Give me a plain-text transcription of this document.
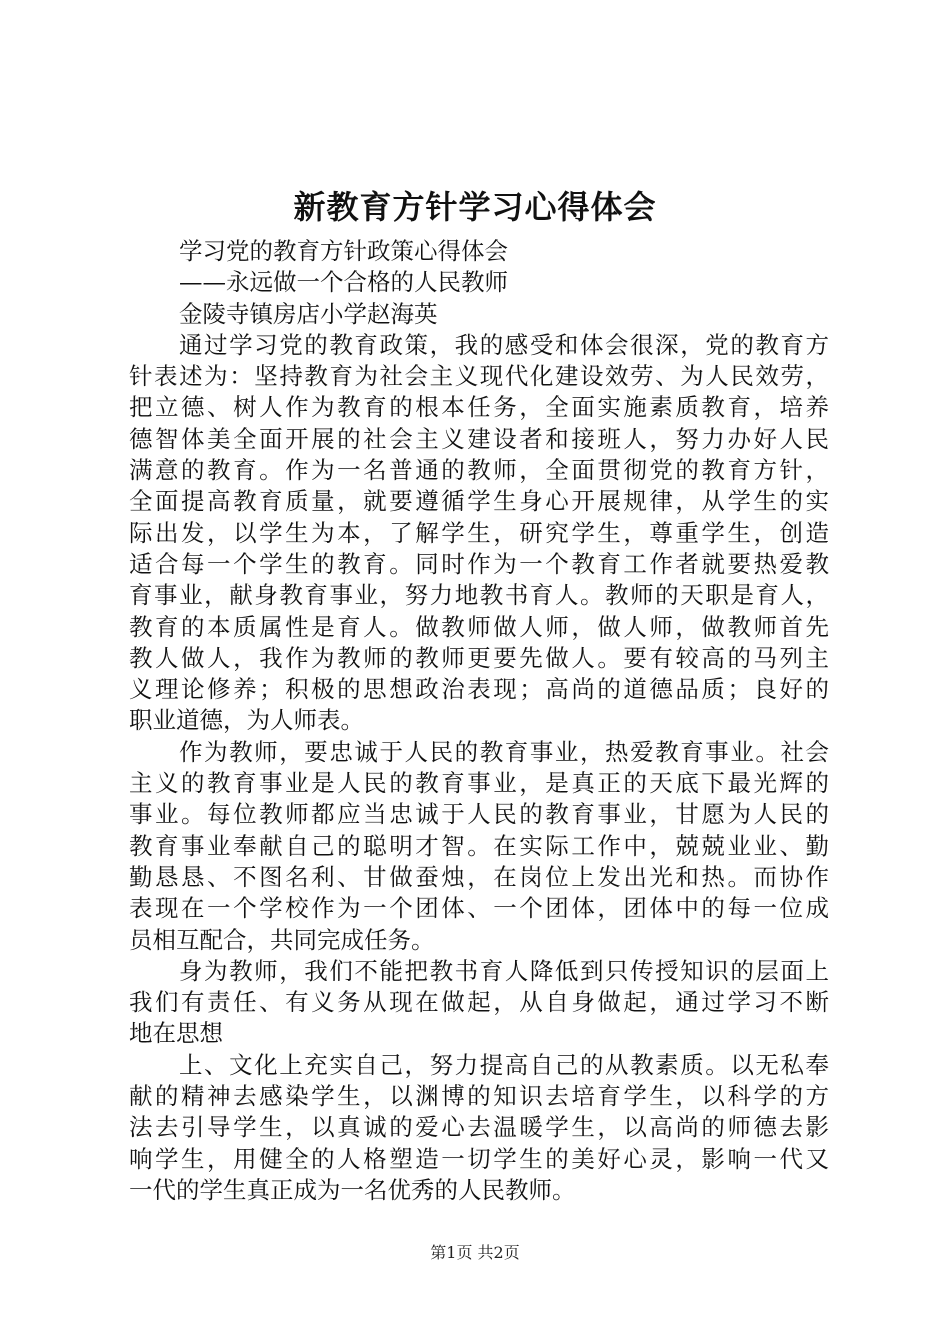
新教育方针学习心得体会
学习党的教育方针政策心得体会
——永远做一个合格的人民教师
金陵寺镇房店小学赵海英
通过学习党的教育政策，我的感受和体会很深，党的教育方
针表述为：坚持教育为社会主义现代化建设效劳、为人民效劳，
把立德、树人作为教育的根本任务，全面实施素质教育，培养
德智体美全面开展的社会主义建设者和接班人，努力办好人民
满意的教育。作为一名普通的教师，全面贯彻党的教育方针，
全面提高教育质量，就要遵循学生身心开展规律，从学生的实
际出发，以学生为本，了解学生，研究学生，尊重学生，创造
适合每一个学生的教育。同时作为一个教育工作者就要热爱教
育事业，献身教育事业，努力地教书育人。教师的天职是育人，
教育的本质属性是育人。做教师做人师，做人师，做教师首先
教人做人，我作为教师的教师更要先做人。要有较高的马列主
义理论修养；积极的思想政治表现；高尚的道德品质；良好的
职业道德，为人师表。
作为教师，要忠诚于人民的教育事业，热爱教育事业。社会
主义的教育事业是人民的教育事业，是真正的天底下最光辉的
事业。每位教师都应当忠诚于人民的教育事业，甘愿为人民的
教育事业奉献自己的聪明才智。在实际工作中，兢兢业业、勤
勤恳恳、不图名利、甘做蚕烛，在岗位上发出光和热。而协作
表现在一个学校作为一个团体、一个团体，团体中的每一位成
员相互配合，共同完成任务。
身为教师，我们不能把教书育人降低到只传授知识的层面上
我们有责任、有义务从现在做起，从自身做起，通过学习不断
地在思想
上、文化上充实自己，努力提高自己的从教素质。以无私奉
献的精神去感染学生，以渊博的知识去培育学生，以科学的方
法去引导学生，以真诚的爱心去温暖学生，以高尚的师德去影
响学生，用健全的人格塑造一切学生的美好心灵，影响一代又
一代的学生真正成为一名优秀的人民教师。
第1页 共2页
